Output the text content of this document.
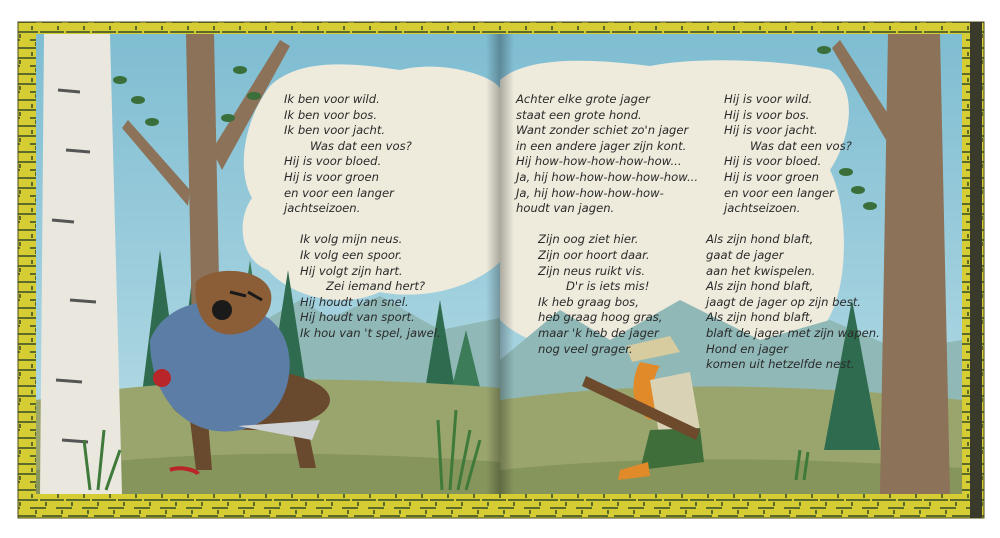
Ik ben voor wild.
Ik ben voor bos.
Ik ben voor jacht.
Was dat een vos?
Hij is voor bloed.
Hij is voor groen
en voor een langer
jachtseizoen.
Ik volg mijn neus.
Ik volg een spoor.
Hij volgt zijn hart.
Zei iemand hert?
Hij houdt van snel.
Hij houdt van sport.
Ik hou van 't spel, jawel.
Achter elke grote jager
staat een grote hond.
Want zonder schiet zo'n jager
in een andere jager zijn kont.
Hij how-how-how-how-how...
Ja, hij how-how-how-how-how...
Ja, hij how-how-how-how-
houdt van jagen.
Zijn oog ziet hier.
Zijn oor hoort daar.
Zijn neus ruikt vis.
D'r is iets mis!
Ik heb graag bos,
heb graag hoog gras,
maar 'k heb de jager
nog veel grager.
Hij is voor wild.
Hij is voor bos.
Hij is voor jacht.
Was dat een vos?
Hij is voor bloed.
Hij is voor groen
en voor een langer
jachtseizoen.
Als zijn hond blaft,
gaat de jager
aan het kwispelen.
Als zijn hond blaft,
jaagt de jager op zijn best.
Als zijn hond blaft,
blaft de jager met zijn wapen.
Hond en jager
komen uit hetzelfde nest.
